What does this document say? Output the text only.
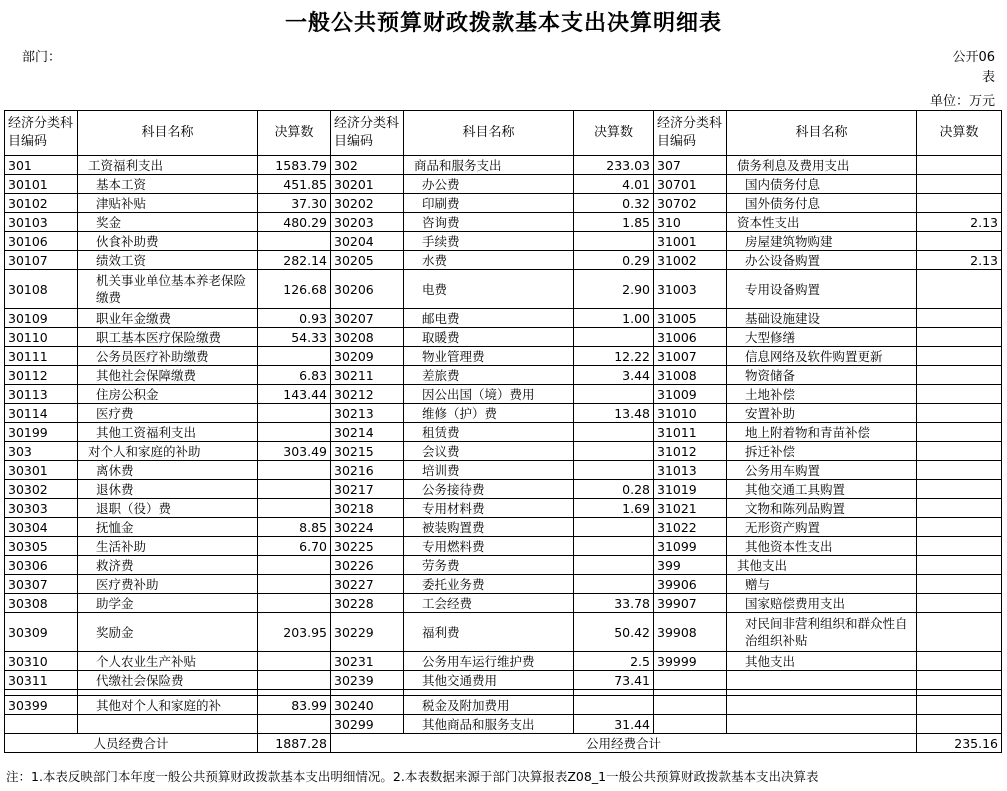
一般公共预算财政拨款基本支出决算明细表
部门：	公开06
表
单位：万元
经济分类科目编码	科目名称	决算数	经济分类科目编码	科目名称	决算数	经济分类科目编码	科目名称	决算数
301	工资福利支出	1583.79	302	商品和服务支出	233.03	307	债务利息及费用支出	
30101	基本工资	451.85	30201	办公费	4.01	30701	国内债务付息	
30102	津贴补贴	37.30	30202	印刷费	0.32	30702	国外债务付息	
30103	奖金	480.29	30203	咨询费	1.85	310	资本性支出	2.13
30106	伙食补助费		30204	手续费		31001	房屋建筑物购建	
30107	绩效工资	282.14	30205	水费	0.29	31002	办公设备购置	2.13
30108	机关事业单位基本养老保险缴费	126.68	30206	电费	2.90	31003	专用设备购置	
30109	职业年金缴费	0.93	30207	邮电费	1.00	31005	基础设施建设	
30110	职工基本医疗保险缴费	54.33	30208	取暖费		31006	大型修缮	
30111	公务员医疗补助缴费		30209	物业管理费	12.22	31007	信息网络及软件购置更新	
30112	其他社会保障缴费	6.83	30211	差旅费	3.44	31008	物资储备	
30113	住房公积金	143.44	30212	因公出国（境）费用		31009	土地补偿	
30114	医疗费		30213	维修（护）费	13.48	31010	安置补助	
30199	其他工资福利支出		30214	租赁费		31011	地上附着物和青苗补偿	
303	对个人和家庭的补助	303.49	30215	会议费		31012	拆迁补偿	
30301	离休费		30216	培训费		31013	公务用车购置	
30302	退休费		30217	公务接待费	0.28	31019	其他交通工具购置	
30303	退职（役）费		30218	专用材料费	1.69	31021	文物和陈列品购置	
30304	抚恤金	8.85	30224	被装购置费		31022	无形资产购置	
30305	生活补助	6.70	30225	专用燃料费		31099	其他资本性支出	
30306	救济费		30226	劳务费		399	其他支出	
30307	医疗费补助		30227	委托业务费		39906	赠与	
30308	助学金		30228	工会经费	33.78	39907	国家赔偿费用支出	
30309	奖励金	203.95	30229	福利费	50.42	39908	对民间非营利组织和群众性自治组织补贴	
30310	个人农业生产补贴		30231	公务用车运行维护费	2.5	39999	其他支出	
30311	代缴社会保险费		30239	其他交通费用	73.41			

30399	其他对个人和家庭的补	83.99	30240	税金及附加费用				
			30299	其他商品和服务支出	31.44			
人员经费合计		1887.28	公用经费合计					235.16
注：1.本表反映部门本年度一般公共预算财政拨款基本支出明细情况。2.本表数据来源于部门决算报表Z08_1一般公共预算财政拨款基本支出决算表
